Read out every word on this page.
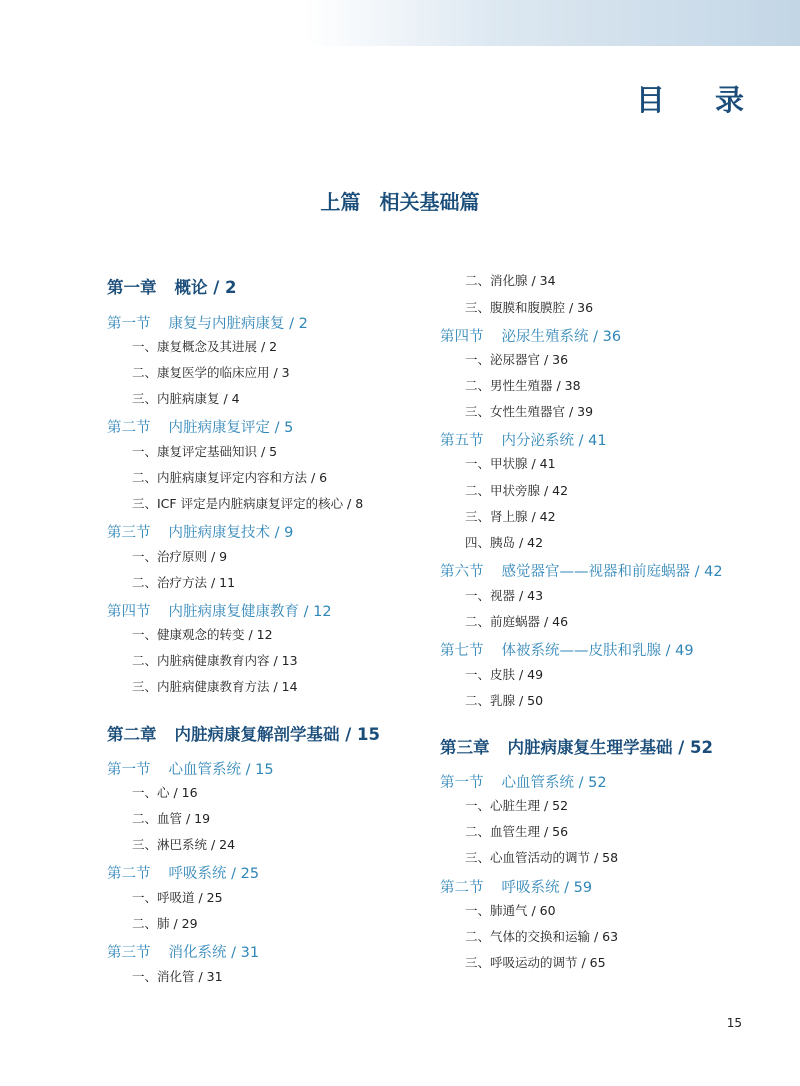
目 录
上篇 相关基础篇
第一章 概论 / 2
第一节 康复与内脏病康复 / 2
一、康复概念及其进展 / 2
二、康复医学的临床应用 / 3
三、内脏病康复 / 4
第二节 内脏病康复评定 / 5
一、康复评定基础知识 / 5
二、内脏病康复评定内容和方法 / 6
三、ICF 评定是内脏病康复评定的核心 / 8
第三节 内脏病康复技术 / 9
一、治疗原则 / 9
二、治疗方法 / 11
第四节 内脏病康复健康教育 / 12
一、健康观念的转变 / 12
二、内脏病健康教育内容 / 13
三、内脏病健康教育方法 / 14
第二章 内脏病康复解剖学基础 / 15
第一节 心血管系统 / 15
一、心 / 16
二、血管 / 19
三、淋巴系统 / 24
第二节 呼吸系统 / 25
一、呼吸道 / 25
二、肺 / 29
第三节 消化系统 / 31
一、消化管 / 31
二、消化腺 / 34
三、腹膜和腹膜腔 / 36
第四节 泌尿生殖系统 / 36
一、泌尿器官 / 36
二、男性生殖器 / 38
三、女性生殖器官 / 39
第五节 内分泌系统 / 41
一、甲状腺 / 41
二、甲状旁腺 / 42
三、肾上腺 / 42
四、胰岛 / 42
第六节 感觉器官——视器和前庭蜗器 / 42
一、视器 / 43
二、前庭蜗器 / 46
第七节 体被系统——皮肤和乳腺 / 49
一、皮肤 / 49
二、乳腺 / 50
第三章 内脏病康复生理学基础 / 52
第一节 心血管系统 / 52
一、心脏生理 / 52
二、血管生理 / 56
三、心血管活动的调节 / 58
第二节 呼吸系统 / 59
一、肺通气 / 60
二、气体的交换和运输 / 63
三、呼吸运动的调节 / 65
15
